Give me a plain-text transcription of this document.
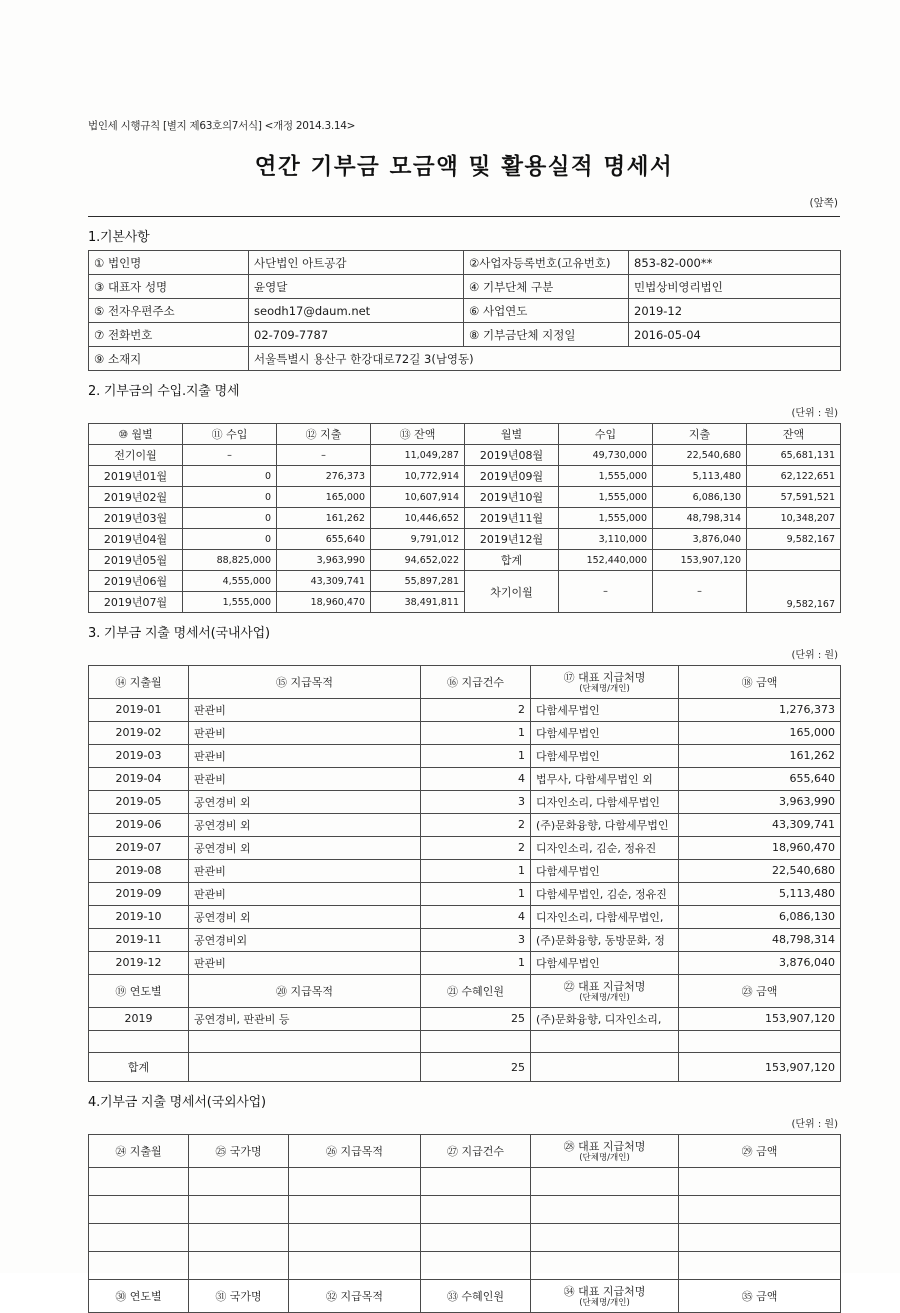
법인세 시행규칙 [별지 제63호의7서식] <개정 2014.3.14>
연간 기부금 모금액 및 활용실적 명세서
(앞쪽)
1.기본사항
① 법인명	사단법인 아트공감	②사업자등록번호(고유번호)	853-82-000**
③ 대표자 성명	윤영달	④ 기부단체 구분	민법상비영리법인
⑤ 전자우편주소	seodh17@daum.net	⑥ 사업연도	2019-12
⑦ 전화번호	02-709-7787	⑧ 기부금단체 지정일	2016-05-04
⑨ 소재지	서울특별시 용산구 한강대로72길 3(남영동)		
2. 기부금의 수입.지출 명세
(단위 : 원)
⑩ 월별	⑪ 수입	⑫ 지출	⑬ 잔액	월별	수입	지출	잔액
전기이월	–	–	11,049,287	2019년08월	49,730,000	22,540,680	65,681,131
2019년01월	0	276,373	10,772,914	2019년09월	1,555,000	5,113,480	62,122,651
2019년02월	0	165,000	10,607,914	2019년10월	1,555,000	6,086,130	57,591,521
2019년03월	0	161,262	10,446,652	2019년11월	1,555,000	48,798,314	10,348,207
2019년04월	0	655,640	9,791,012	2019년12월	3,110,000	3,876,040	9,582,167
2019년05월	88,825,000	3,963,990	94,652,022	합계	152,440,000	153,907,120	
2019년06월	4,555,000	43,309,741	55,897,281	차기이월	–	–	9,582,167
2019년07월	1,555,000	18,960,470	38,491,811				
3. 기부금 지출 명세서(국내사업)
(단위 : 원)
⑭ 지출월	⑮ 지급목적	⑯ 지급건수	⑰ 대표 지급처명
(단체명/개인)	⑱ 금액
2019-01	판관비	2	다함세무법인	1,276,373
2019-02	판관비	1	다함세무법인	165,000
2019-03	판관비	1	다함세무법인	161,262
2019-04	판관비	4	법무사, 다함세무법인 외	655,640
2019-05	공연경비 외	3	디자인소리, 다함세무법인	3,963,990
2019-06	공연경비 외	2	(주)문화융향, 다함세무법인	43,309,741
2019-07	공연경비 외	2	디자인소리, 김순, 정유진	18,960,470
2019-08	판관비	1	다함세무법인	22,540,680
2019-09	판관비	1	다함세무법인, 김순, 정유진	5,113,480
2019-10	공연경비 외	4	디자인소리, 다함세무법인,	6,086,130
2019-11	공연경비외	3	(주)문화융향, 동방문화, 정	48,798,314
2019-12	판관비	1	다함세무법인	3,876,040
⑲ 연도별	⑳ 지급목적	㉑ 수혜인원	㉒ 대표 지급처명
(단체명/개인)	㉓ 금액
2019	공연경비, 판관비 등	25	(주)문화융향, 디자인소리,	153,907,120

합계		25		153,907,120
4.기부금 지출 명세서(국외사업)
(단위 : 원)
㉔ 지출월	㉕ 국가명	㉖ 지급목적	㉗ 지급건수	㉘ 대표 지급처명
(단체명/개인)	㉙ 금액

㉚ 연도별	㉛ 국가명	㉜ 지급목적	㉝ 수혜인원	㉞ 대표 지급처명
(단체명/개인)	㉟ 금액
